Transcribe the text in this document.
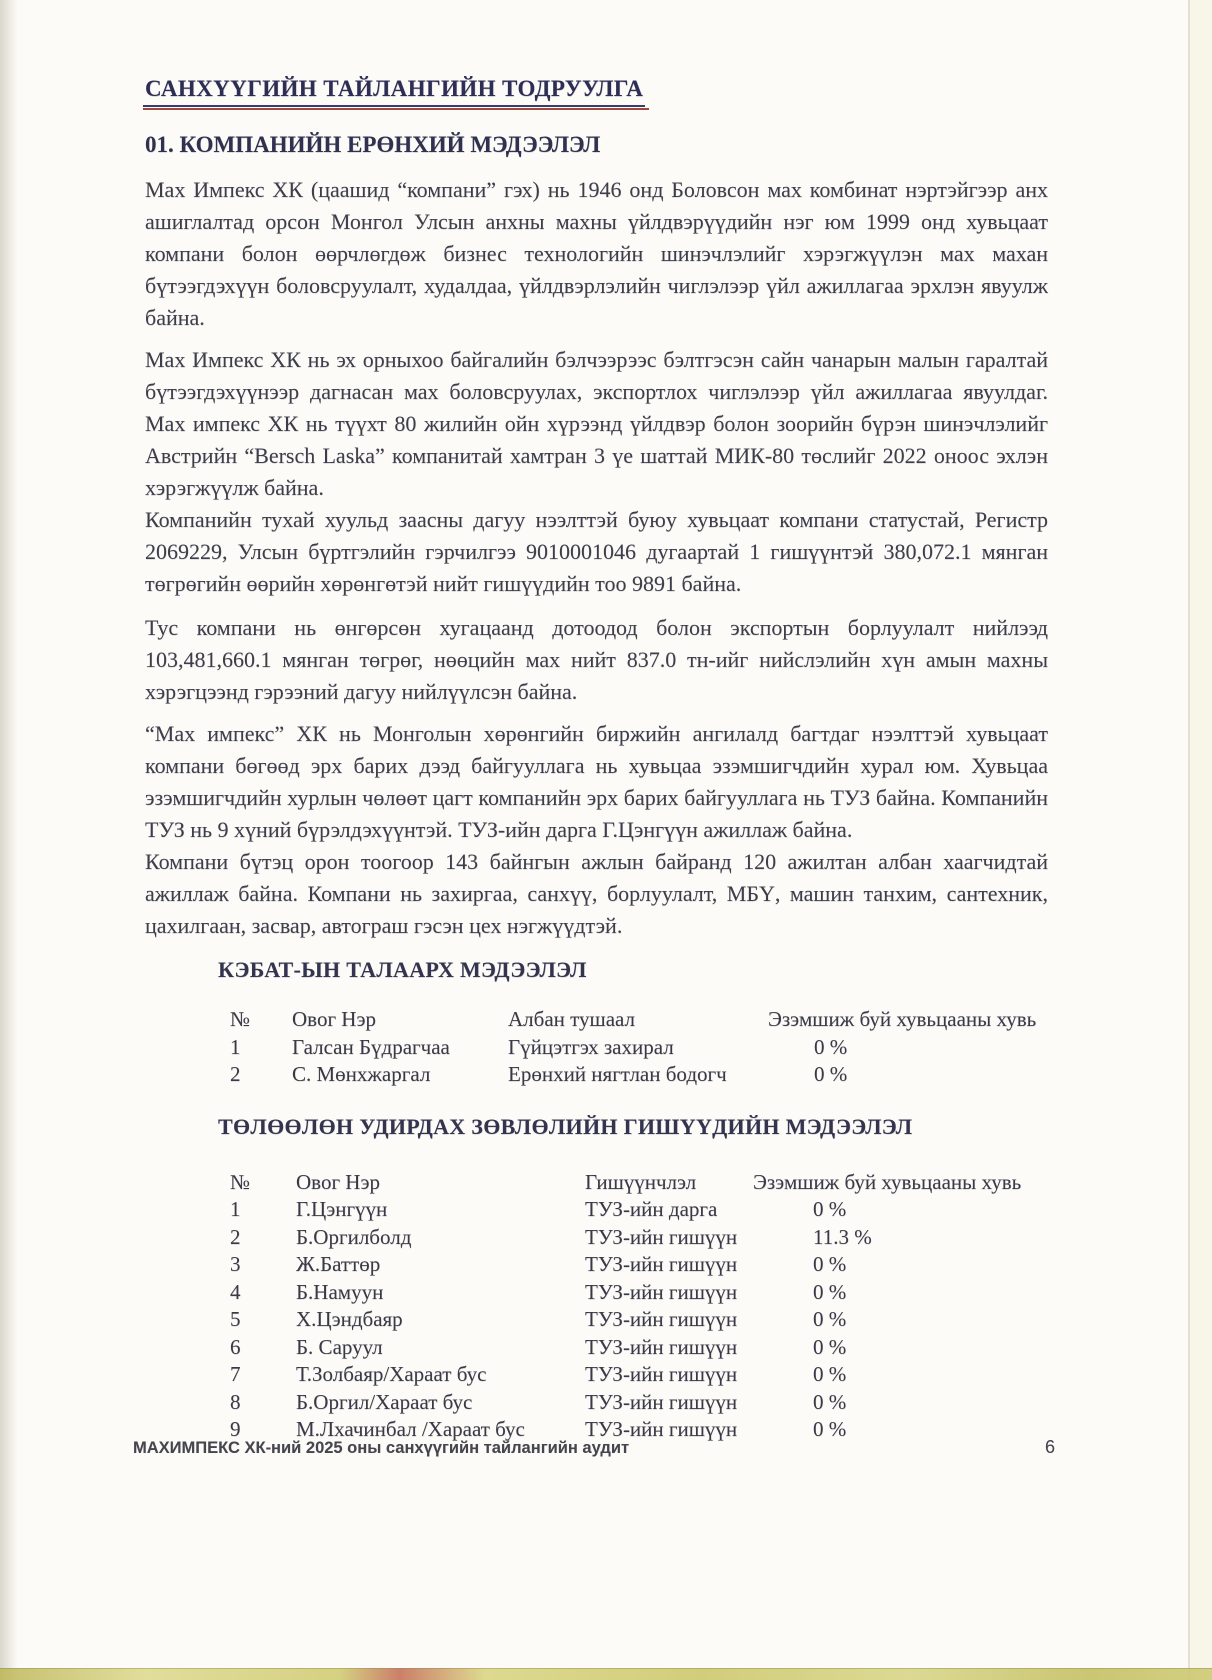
САНХҮҮГИЙН ТАЙЛАНГИЙН ТОДРУУЛГА
01. КОМПАНИЙН ЕРӨНХИЙ МЭДЭЭЛЭЛ

Мах Импекс ХК (цаашид “компани” гэх) нь 1946 онд Боловсон мах комбинат нэртэйгээр анх ашиглалтад орсон Монгол Улсын анхны махны үйлдвэрүүдийн нэг юм 1999 онд хувьцаат компани болон өөрчлөгдөж бизнес технологийн шинэчлэлийг хэрэгжүүлэн мах махан бүтээгдэхүүн боловсруулалт, худалдаа, үйлдвэрлэлийн чиглэлээр үйл ажиллагаа эрхлэн явуулж байна.

Мах Импекс ХК нь эх орныхоо байгалийн бэлчээрээс бэлтгэсэн сайн чанарын малын гаралтай бүтээгдэхүүнээр дагнасан мах боловсруулах, экспортлох чиглэлээр үйл ажиллагаа явуулдаг. Мах импекс ХК нь түүхт 80 жилийн ойн хүрээнд үйлдвэр болон зоорийн бүрэн шинэчлэлийг Австрийн “Bersch Laska” компанитай хамтран 3 үе шаттай МИК-80 төслийг 2022 оноос эхлэн хэрэгжүүлж байна.

Компанийн тухай хуульд заасны дагуу нээлттэй буюу хувьцаат компани статустай, Регистр 2069229, Улсын бүртгэлийн гэрчилгээ 9010001046 дугаартай 1 гишүүнтэй 380,072.1 мянган төгрөгийн өөрийн хөрөнгөтэй нийт гишүүдийн тоо 9891 байна.

Тус компани нь өнгөрсөн хугацаанд дотоодод болон экспортын борлуулалт нийлээд 103,481,660.1 мянган төгрөг, нөөцийн мах нийт 837.0 тн-ийг нийслэлийн хүн амын махны хэрэгцээнд гэрээний дагуу нийлүүлсэн байна.

“Мах импекс” ХК нь Монголын хөрөнгийн биржийн ангилалд багтдаг нээлттэй хувьцаат компани бөгөөд эрх барих дээд байгууллага нь хувьцаа эзэмшигчдийн хурал юм. Хувьцаа эзэмшигчдийн хурлын чөлөөт цагт компанийн эрх барих байгууллага нь ТУЗ байна. Компанийн ТУЗ нь 9 хүний бүрэлдэхүүнтэй. ТУЗ-ийн дарга Г.Цэнгүүн ажиллаж байна.

Компани бүтэц орон тоогоор 143 байнгын ажлын байранд 120 ажилтан албан хаагчидтай ажиллаж байна. Компани нь захиргаа, санхүү, борлуулалт, МБҮ, машин танхим, сантехник, цахилгаан, засвар, автограш гэсэн цех нэгжүүдтэй.

КЭБАТ-ЫН ТАЛААРХ МЭДЭЭЛЭЛ
№	Овог Нэр	Албан тушаал	Эзэмшиж буй хувьцааны хувь
1	Галсан Бүдрагчаа	Гүйцэтгэх захирал	0 %
2	С. Мөнхжаргал	Ерөнхий нягтлан бодогч	0 %
ТӨЛӨӨЛӨН УДИРДАХ ЗӨВЛӨЛИЙН ГИШҮҮДИЙН МЭДЭЭЛЭЛ
№	Овог Нэр	Гишүүнчлэл	Эзэмшиж буй хувьцааны хувь
1	Г.Цэнгүүн	ТУЗ-ийн дарга	0 %
2	Б.Оргилболд	ТУЗ-ийн гишүүн	11.3 %
3	Ж.Баттөр	ТУЗ-ийн гишүүн	0 %
4	Б.Намуун	ТУЗ-ийн гишүүн	0 %
5	Х.Цэндбаяр	ТУЗ-ийн гишүүн	0 %
6	Б. Саруул	ТУЗ-ийн гишүүн	0 %
7	Т.Золбаяр/Хараат бус	ТУЗ-ийн гишүүн	0 %
8	Б.Оргил/Хараат бус	ТУЗ-ийн гишүүн	0 %
9	М.Лхачинбал /Хараат бус	ТУЗ-ийн гишүүн	0 %
МАХИМПЕКС ХК-ний 2025 оны санхүүгийн тайлангийн аудит	6
